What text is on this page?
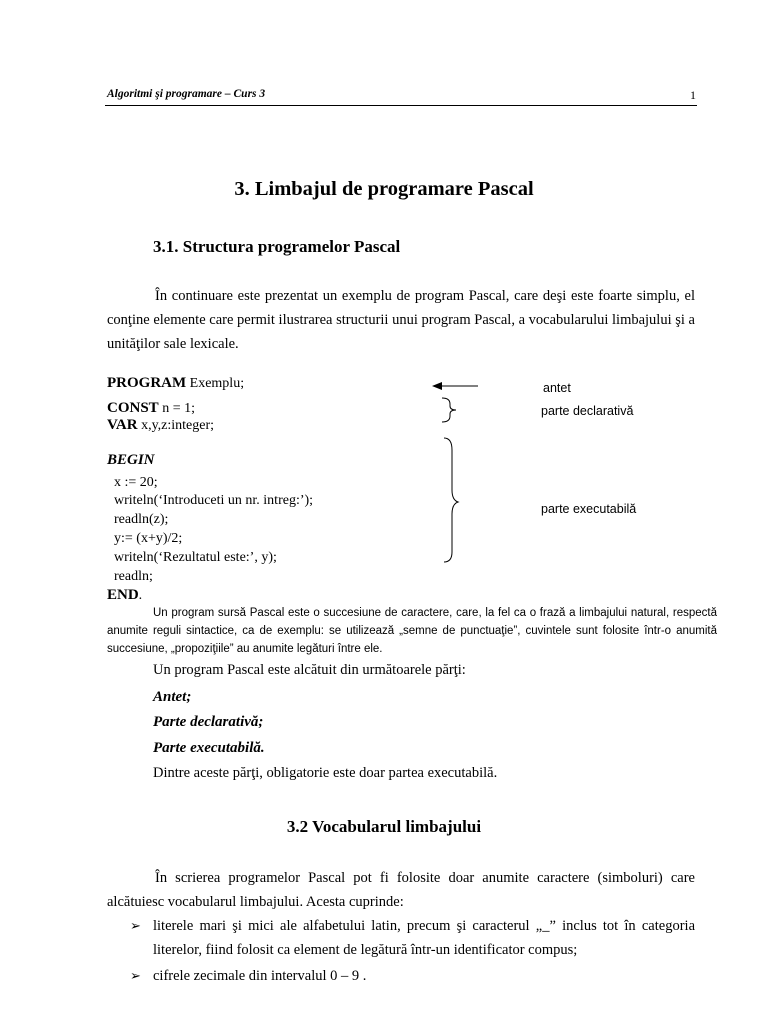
Algoritmi şi programare – Curs 3	1
3. Limbajul de programare Pascal
3.1. Structura programelor Pascal
În continuare este prezentat un exemplu de program Pascal, care deşi este foarte simplu, el conţine elemente care permit ilustrarea structurii unui program Pascal, a vocabularului limbajului şi a unităţilor sale lexicale.
PROGRAM Exemplu;
CONST n = 1;
VAR x,y,z:integer;
BEGIN
x := 20;
writeln(‘Introduceti un nr. intreg:’);
readln(z);
y:= (x+y)/2;
writeln(‘Rezultatul este:’, y);
readln;
END.
antet
parte declarativă
parte executabilă
Un program sursă Pascal este o succesiune de caractere, care, la fel ca o frază a limbajului natural, respectă anumite reguli sintactice, ca de exemplu: se utilizează „semne de punctuaţie”, cuvintele sunt folosite într-o anumită succesiune, „propoziţiile” au anumite legături între ele.
Un program Pascal este alcătuit din următoarele părţi:
Antet;
Parte declarativă;
Parte executabilă.
Dintre aceste părţi, obligatorie este doar partea executabilă.
3.2 Vocabularul limbajului
În scrierea programelor Pascal pot fi folosite doar anumite caractere (simboluri) care alcătuiesc vocabularul limbajului. Acesta cuprinde:
➢ literele mari şi mici ale alfabetului latin, precum şi caracterul „_” inclus tot în categoria literelor, fiind folosit ca element de legătură într-un identificator compus;
➢ cifrele zecimale din intervalul 0 – 9 .
